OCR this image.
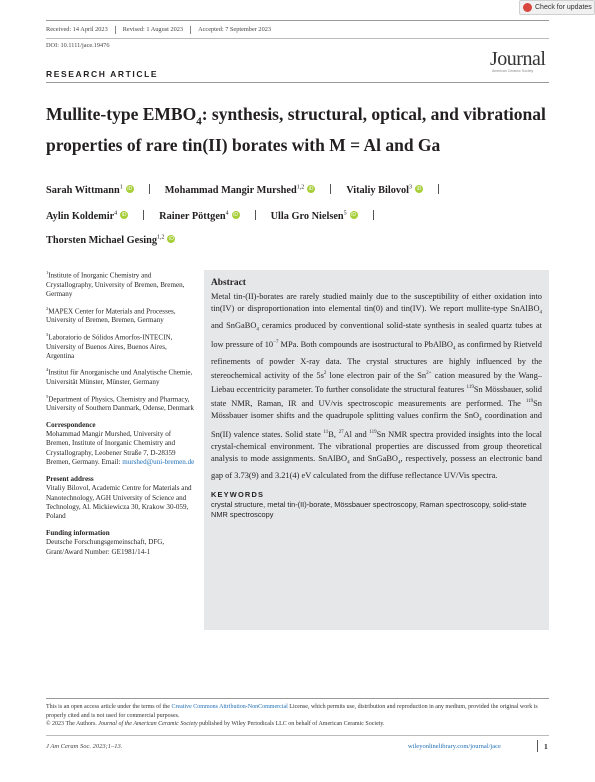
Check for updates
Received: 14 April 2023 Revised: 1 August 2023 Accepted: 7 September 2023
DOI: 10.1111/jace.19476
Journal
American Ceramic Society
RESEARCH ARTICLE
Mullite-type $EMBO_4$: synthesis, structural, optical, and vibrational properties of rare tin(II) borates with M = Al and Ga
Sarah Wittmann$^1$ iD	Mohammad Mangir Murshed$^{1,2}$ iD	Vitaliy Bilovol$^3$ iD
Aylin Koldemir$^4$ iD	Rainer Pöttgen$^4$ iD	Ulla Gro Nielsen$^5$ iD
Thorsten Michael Gesing$^{1,2}$ iD
$^1$Institute of Inorganic Chemistry and Crystallography, University of Bremen, Bremen, Germany
$^2$MAPEX Center for Materials and Processes, University of Bremen, Bremen, Germany
$^3$Laboratorio de Sólidos Amorfos-INTECIN, University of Buenos Aires, Buenos Aires, Argentina
$^4$Institut für Anorganische und Analytische Chemie, Universität Münster, Münster, Germany
$^5$Department of Physics, Chemistry and Pharmacy, University of Southern Danmark, Odense, Denmark
Correspondence
Mohammad Mangir Murshed, University of Bremen, Institute of Inorganic Chemistry and Crystallography, Leobener Straße 7, D-28359 Bremen, Germany. Email: murshed@uni-bremen.de
Present address
Vitaliy Bilovol, Academic Centre for Materials and Nanotechnology, AGH University of Science and Technology, Al. Mickiewicza 30, Krakow 30-059, Poland
Funding information
Deutsche Forschungsgemeinschaft, DFG, Grant/Award Number: GE1981/14-1
Abstract
Metal tin-(II)-borates are rarely studied mainly due to the susceptibility of either oxidation into tin(IV) or disproportionation into elemental tin(0) and tin(IV). We report mullite-type SnAlBO$_4$ and SnGaBO$_4$ ceramics produced by conventional solid-state synthesis in sealed quartz tubes at low pressure of $10^{-7}$ MPa. Both compounds are isostructural to PbAlBO$_4$ as confirmed by Rietveld refinements of powder X-ray data. The crystal structures are highly influenced by the stereochemical activity of the $5s^2$ lone electron pair of the $Sn^{2+}$ cation measured by the Wang–Liebau eccentricity parameter. To further consolidate the structural features $^{119}$Sn Mössbauer, solid state NMR, Raman, IR and UV/vis spectroscopic measurements are performed. The $^{119}$Sn Mössbauer isomer shifts and the quadrupole splitting values confirm the SnO$_4$ coordination and Sn(II) valence states. Solid state $^{11}$B, $^{27}$Al and $^{119}$Sn NMR spectra provided insights into the local crystal-chemical environment. The vibrational properties are discussed from group theoretical analysis to mode assignments. SnAlBO$_4$ and SnGaBO$_4$, respectively, possess an electronic band gap of 3.73(9) and 3.21(4) eV calculated from the diffuse reflectance UV/Vis spectra.
KEYWORDS
crystal structure, metal tin-(II)-borate, Mössbauer spectroscopy, Raman spectroscopy, solid-state NMR spectroscopy
This is an open access article under the terms of the Creative Commons Attribution-NonCommercial License, which permits use, distribution and reproduction in any medium, provided the original work is properly cited and is not used for commercial purposes.
© 2023 The Authors. Journal of the American Ceramic Society published by Wiley Periodicals LLC on behalf of American Ceramic Society.
J Am Ceram Soc. 2023;1–13.	wileyonlinelibrary.com/journal/jace	1
